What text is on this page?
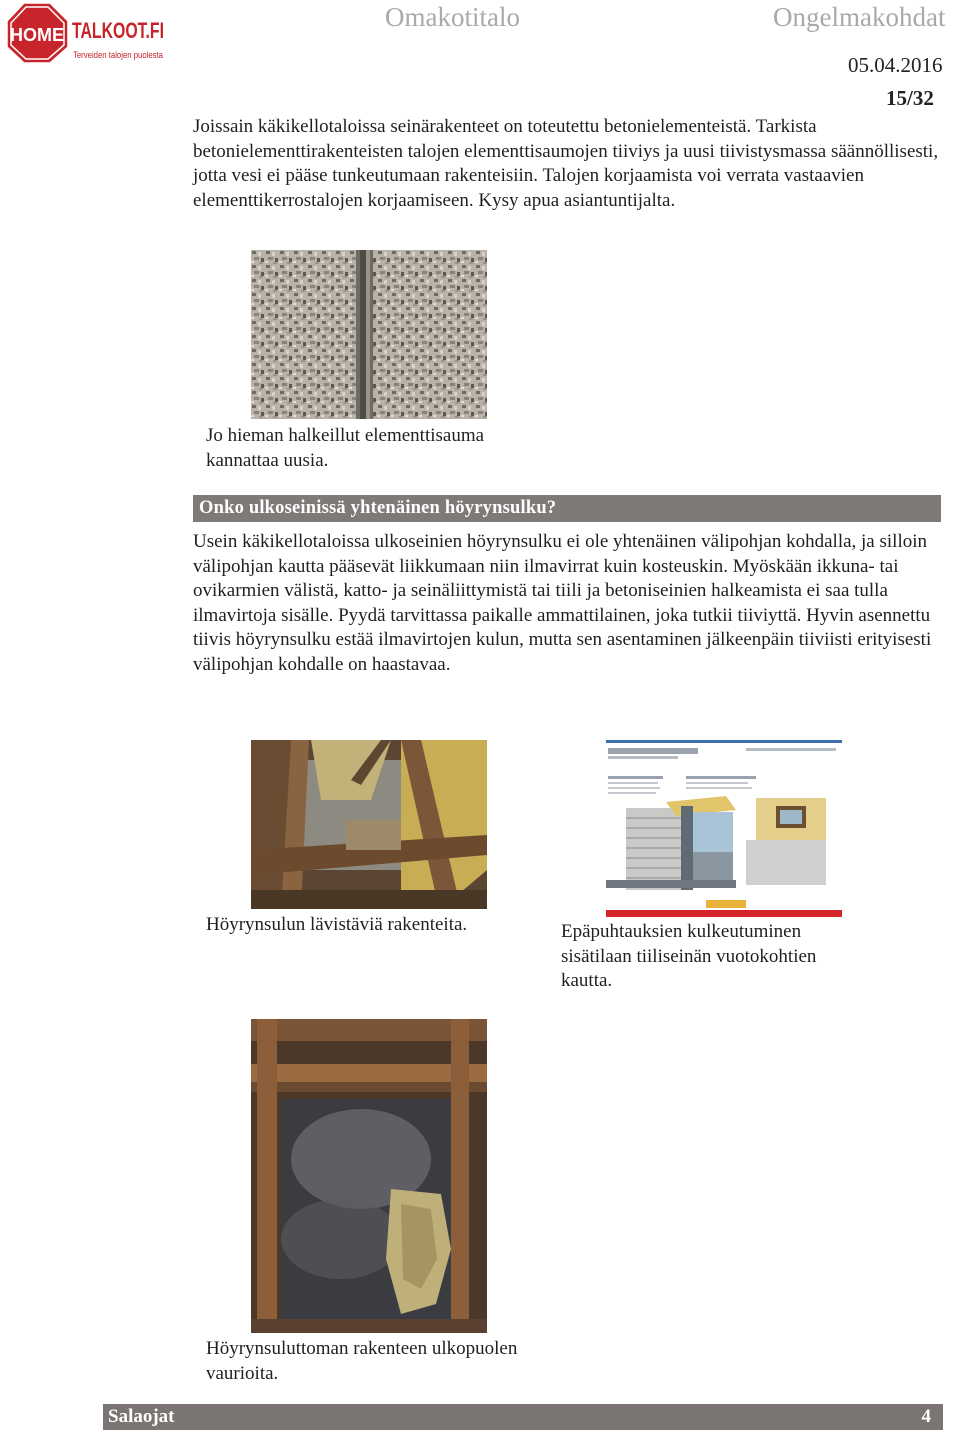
HOME TALKOOT.FI
Terveiden talojen puolesta
Omakotitalo	Ongelmakohdat
05.04.2016
15/32
Joissain käkikellotaloissa seinärakenteet on toteutettu betonielementeistä. Tarkista betonielementtirakenteisten talojen elementtisaumojen tiiviys ja uusi tiivistysmassa säännöllisesti, jotta vesi ei pääse tunkeutumaan rakenteisiin. Talojen korjaamista voi verrata vastaavien elementtikerrostalojen korjaamiseen. Kysy apua asiantuntijalta.
Jo hieman halkeillut elementtisauma kannattaa uusia.
Onko ulkoseinissä yhtenäinen höyrynsulku?
Usein käkikellotaloissa ulkoseinien höyrynsulku ei ole yhtenäinen välipohjan kohdalla, ja silloin välipohjan kautta pääsevät liikkumaan niin ilmavirrat kuin kosteuskin. Myöskään ikkuna- tai ovikarmien välistä, katto- ja seinäliittymistä tai tiili ja betoniseinien halkeamista ei saa tulla ilmavirtoja sisälle. Pyydä tarvittassa paikalle ammattilainen, joka tutkii tiiviyttä. Hyvin asennettu tiivis höyrynsulku estää ilmavirtojen kulun, mutta sen asentaminen jälkeenpäin tiiviisti erityisesti välipohjan kohdalle on haastavaa.
Höyrynsulun lävistäviä rakenteita.	Epäpuhtauksien kulkeutuminen sisätilaan tiiliseinän vuotokohtien kautta.
Höyrynsuluttoman rakenteen ulkopuolen vaurioita.
Salaojat	4
